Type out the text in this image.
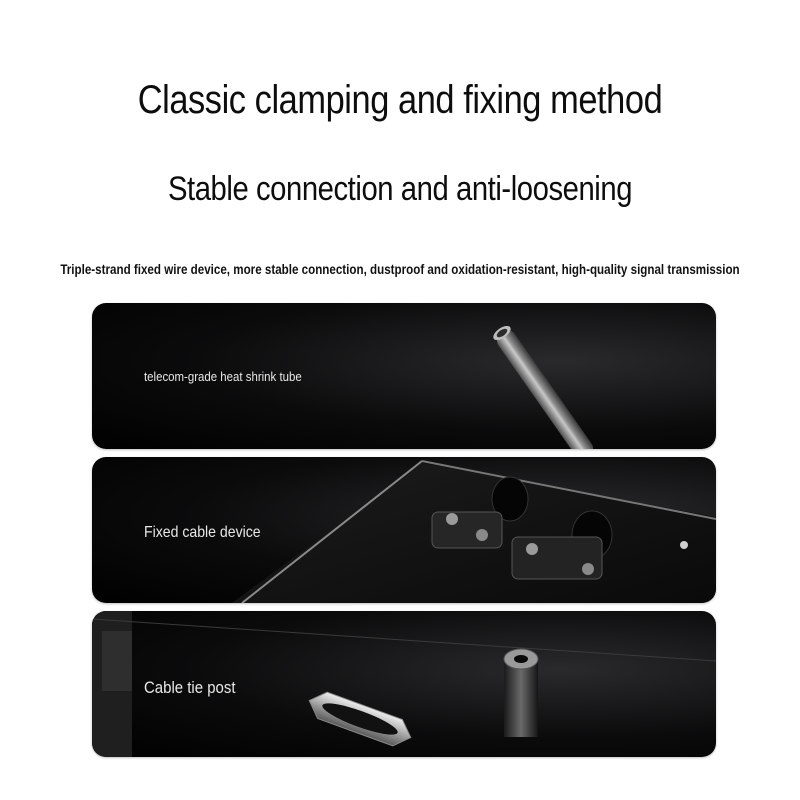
Classic clamping and fixing method
Stable connection and anti-loosening

Triple-strand fixed wire device, more stable connection, dustproof and oxidation-resistant, high-quality signal transmission

telecom-grade heat shrink tube
Fixed cable device
Cable tie post
